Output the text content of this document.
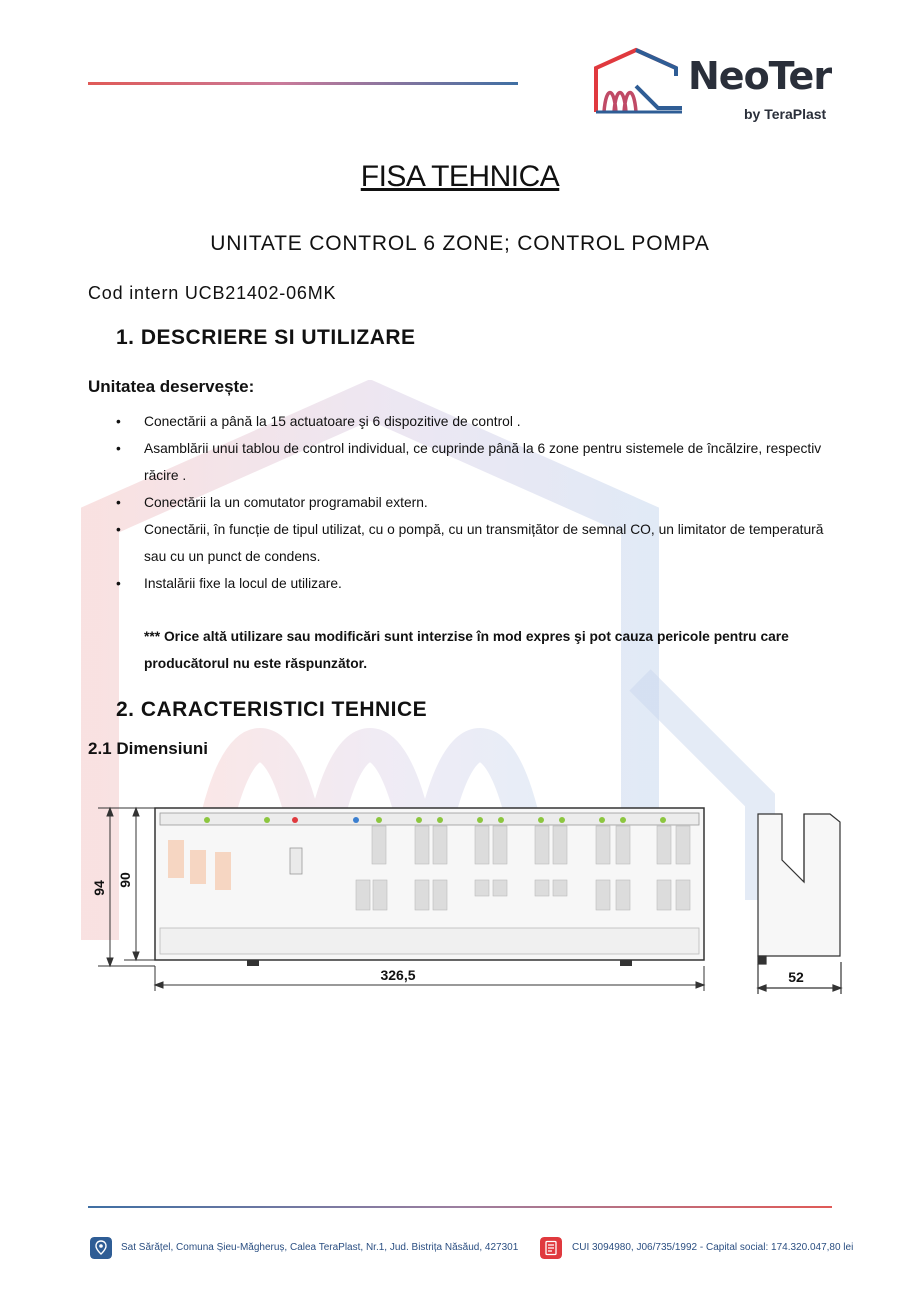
NeoTer
by TeraPlast
FISA TEHNICA
UNITATE CONTROL 6 ZONE; CONTROL POMPA
Cod intern UCB21402-06MK
1. DESCRIERE SI UTILIZARE
Unitatea deservește:
• Conectării a până la 15 actuatoare şi 6 dispozitive de control .
• Asamblării unui tablou de control individual, ce cuprinde până la 6 zone pentru sistemele de încălzire, respectiv răcire .
• Conectării la un comutator programabil extern.
• Conectării, în funcție de tipul utilizat, cu o pompă, cu un transmițător de semnal CO, un limitator de temperatură sau cu un punct de condens.
• Instalării fixe la locul de utilizare.
*** Orice altă utilizare sau modificări sunt interzise în mod expres şi pot cauza pericole pentru care producătorul nu este răspunzător.
2. CARACTERISTICI TEHNICE
2.1 Dimensiuni
94
90
326,5	52
Sat Sărățel, Comuna Șieu-Măgheruș, Calea TeraPlast, Nr.1, Jud. Bistrița Năsăud, 427301	CUI 3094980, J06/735/1992 - Capital social: 174.320.047,80 lei
